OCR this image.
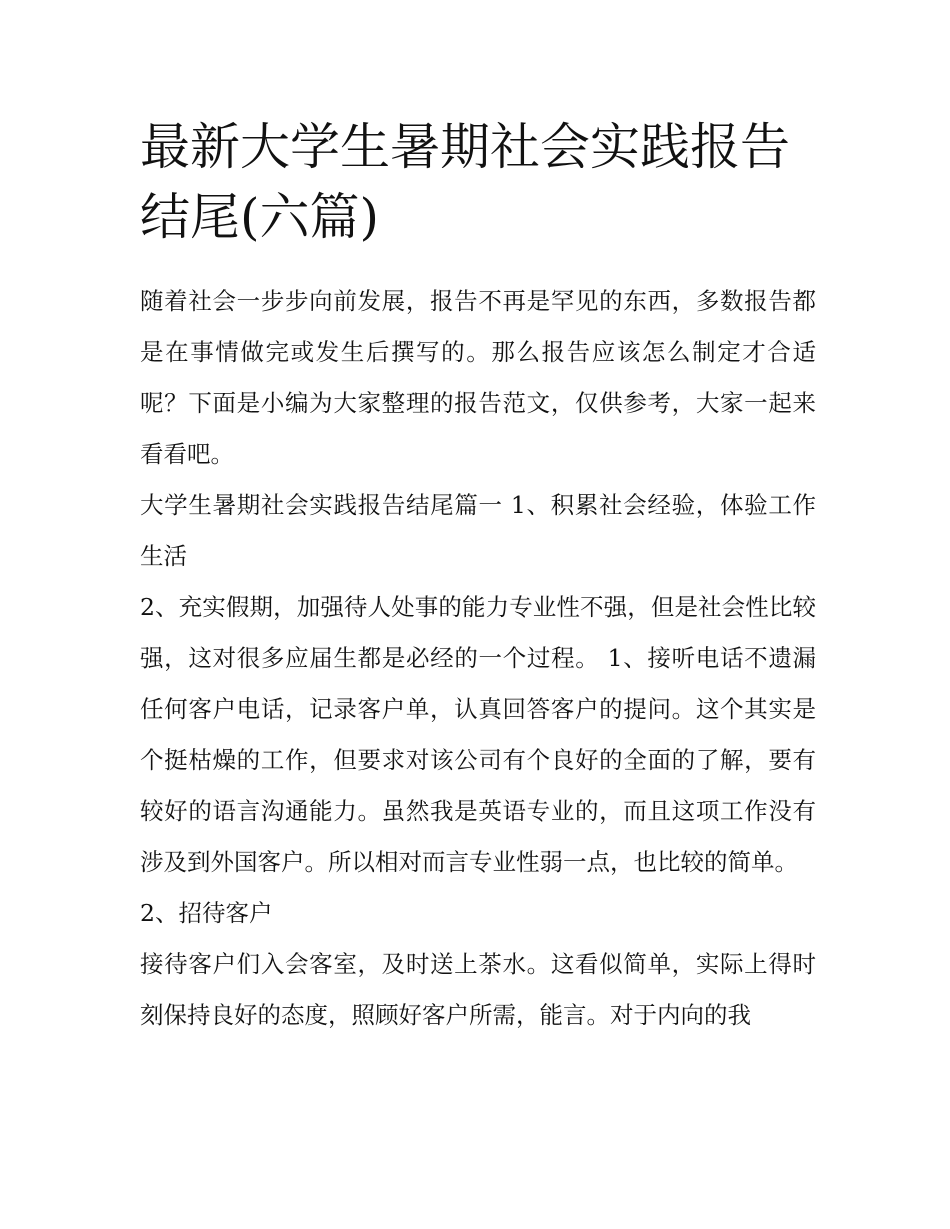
最新大学生暑期社会实践报告结尾(六篇)

随着社会一步步向前发展，报告不再是罕见的东西，多数报告都是在事情做完或发生后撰写的。那么报告应该怎么制定才合适呢？下面是小编为大家整理的报告范文，仅供参考，大家一起来看看吧。

大学生暑期社会实践报告结尾篇一 1、积累社会经验，体验工作生活

2、充实假期，加强待人处事的能力专业性不强，但是社会性比较强，这对很多应届生都是必经的一个过程。 1、接听电话不遗漏任何客户电话，记录客户单，认真回答客户的提问。这个其实是个挺枯燥的工作，但要求对该公司有个良好的全面的了解，要有较好的语言沟通能力。虽然我是英语专业的，而且这项工作没有涉及到外国客户。所以相对而言专业性弱一点，也比较的简单。

2、招待客户

接待客户们入会客室，及时送上茶水。这看似简单，实际上得时刻保持良好的态度，照顾好客户所需，能言。对于内向的我
